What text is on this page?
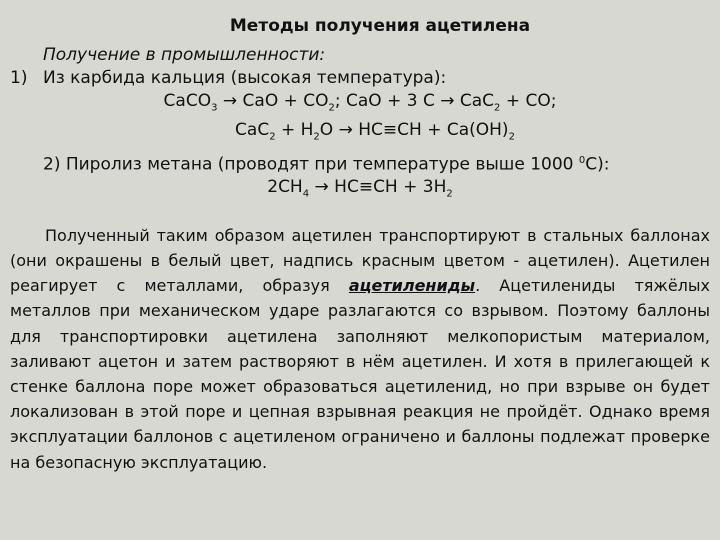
Методы получения ацетилена
Получение в промышленности:
1) Из карбида кальция (высокая температура):
CaCO$_3$ → CaO + $CO_2$; CaO + 3 C → CaC$_2$ + CO;
$CaC_2 + H_2O \to HC\equiv CH + Ca(OH)_2$
2) Пиролиз метана (проводят при температуре выше 1000 $^0$С):
$2CH_4 \to HC\equiv CH + 3H_2$
Полученный таким образом ацетилен транспортируют в стальных баллонах (они окрашены в белый цвет, надпись красным цветом - ацетилен). Ацетилен реагирует с металлами, образуя ацетилениды. Ацетилениды тяжёлых металлов при механическом ударе разлагаются со взрывом. Поэтому баллоны для транспортировки ацетилена заполняют мелкопористым материалом, заливают ацетон и затем растворяют в нём ацетилен. И хотя в прилегающей к стенке баллона поре может образоваться ацетиленид, но при взрыве он будет локализован в этой поре и цепная взрывная реакция не пройдёт. Однако время эксплуатации баллонов с ацетиленом ограничено и баллоны подлежат проверке на безопасную эксплуатацию.
